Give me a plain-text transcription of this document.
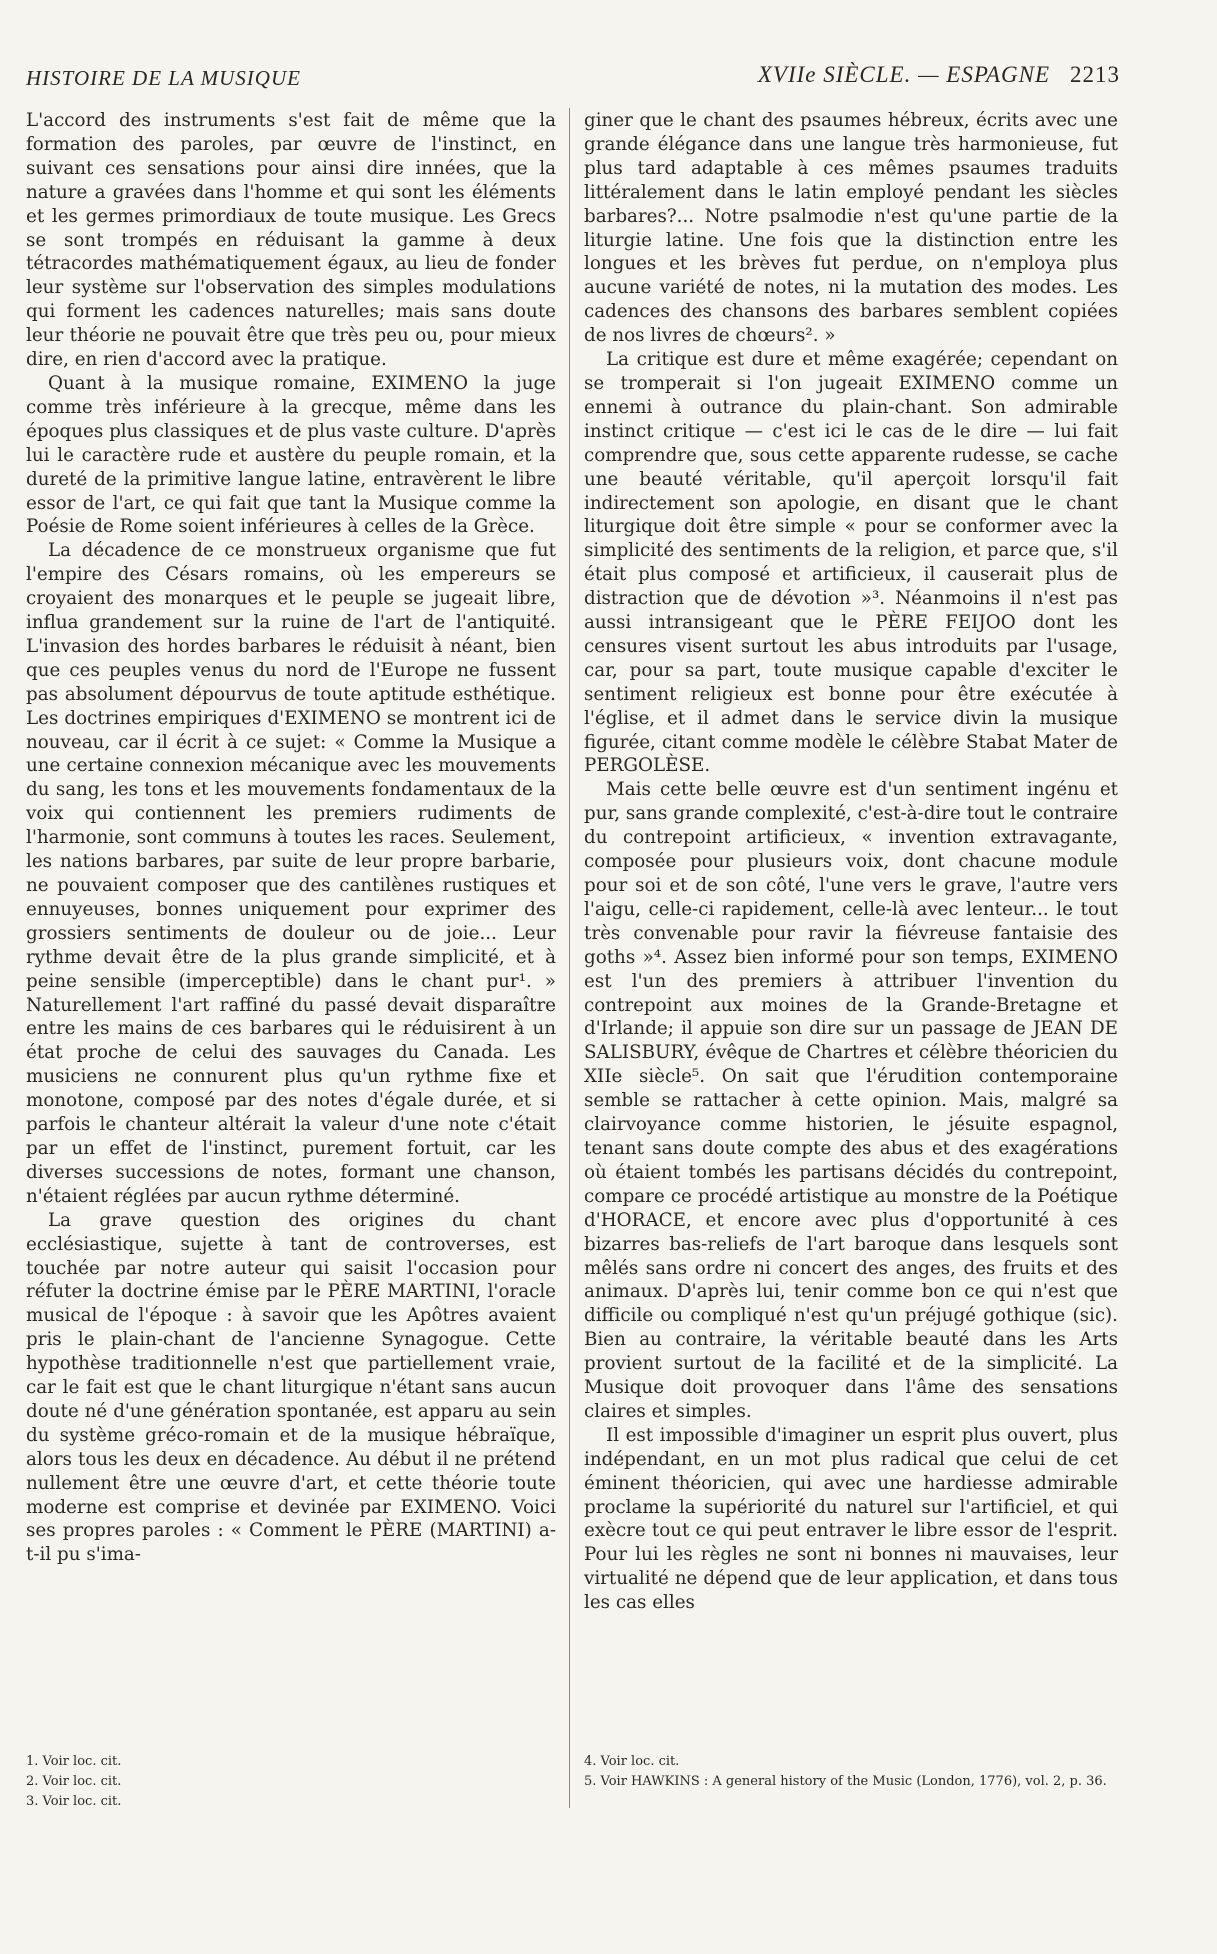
HISTOIRE DE LA MUSIQUE	XVIIe SIÈCLE. — ESPAGNE 2213

L'accord des instruments s'est fait de même que la formation des paroles, par œuvre de l'instinct, en suivant ces sensations pour ainsi dire innées, que la nature a gravées dans l'homme et qui sont les éléments et les germes primordiaux de toute musique. Les Grecs se sont trompés en réduisant la gamme à deux tétracordes mathématiquement égaux, au lieu de fonder leur système sur l'observation des simples modulations qui forment les cadences naturelles; mais sans doute leur théorie ne pouvait être que très peu ou, pour mieux dire, en rien d'accord avec la pratique.

Quant à la musique romaine, EXIMENO la juge comme très inférieure à la grecque, même dans les époques plus classiques et de plus vaste culture. D'après lui le caractère rude et austère du peuple romain, et la dureté de la primitive langue latine, entravèrent le libre essor de l'art, ce qui fait que tant la Musique comme la Poésie de Rome soient inférieures à celles de la Grèce.

La décadence de ce monstrueux organisme que fut l'empire des Césars romains, où les empereurs se croyaient des monarques et le peuple se jugeait libre, influa grandement sur la ruine de l'art de l'antiquité. L'invasion des hordes barbares le réduisit à néant, bien que ces peuples venus du nord de l'Europe ne fussent pas absolument dépourvus de toute aptitude esthétique. Les doctrines empiriques d'EXIMENO se montrent ici de nouveau, car il écrit à ce sujet: « Comme la Musique a une certaine connexion mécanique avec les mouvements du sang, les tons et les mouvements fondamentaux de la voix qui contiennent les premiers rudiments de l'harmonie, sont communs à toutes les races. Seulement, les nations barbares, par suite de leur propre barbarie, ne pouvaient composer que des cantilènes rustiques et ennuyeuses, bonnes uniquement pour exprimer des grossiers sentiments de douleur ou de joie... Leur rythme devait être de la plus grande simplicité, et à peine sensible (imperceptible) dans le chant pur¹. » Naturellement l'art raffiné du passé devait disparaître entre les mains de ces barbares qui le réduisirent à un état proche de celui des sauvages du Canada. Les musiciens ne connurent plus qu'un rythme fixe et monotone, composé par des notes d'égale durée, et si parfois le chanteur altérait la valeur d'une note c'était par un effet de l'instinct, purement fortuit, car les diverses successions de notes, formant une chanson, n'étaient réglées par aucun rythme déterminé.

La grave question des origines du chant ecclésiastique, sujette à tant de controverses, est touchée par notre auteur qui saisit l'occasion pour réfuter la doctrine émise par le PÈRE MARTINI, l'oracle musical de l'époque : à savoir que les Apôtres avaient pris le plain-chant de l'ancienne Synagogue. Cette hypothèse traditionnelle n'est que partiellement vraie, car le fait est que le chant liturgique n'étant sans aucun doute né d'une génération spontanée, est apparu au sein du système gréco-romain et de la musique hébraïque, alors tous les deux en décadence. Au début il ne prétend nullement être une œuvre d'art, et cette théorie toute moderne est comprise et devinée par EXIMENO. Voici ses propres paroles : « Comment le PÈRE (MARTINI) a-t-il pu s'ima-

giner que le chant des psaumes hébreux, écrits avec une grande élégance dans une langue très harmonieuse, fut plus tard adaptable à ces mêmes psaumes traduits littéralement dans le latin employé pendant les siècles barbares?... Notre psalmodie n'est qu'une partie de la liturgie latine. Une fois que la distinction entre les longues et les brèves fut perdue, on n'employa plus aucune variété de notes, ni la mutation des modes. Les cadences des chansons des barbares semblent copiées de nos livres de chœurs². »

La critique est dure et même exagérée; cependant on se tromperait si l'on jugeait EXIMENO comme un ennemi à outrance du plain-chant. Son admirable instinct critique — c'est ici le cas de le dire — lui fait comprendre que, sous cette apparente rudesse, se cache une beauté véritable, qu'il aperçoit lorsqu'il fait indirectement son apologie, en disant que le chant liturgique doit être simple « pour se conformer avec la simplicité des sentiments de la religion, et parce que, s'il était plus composé et artificieux, il causerait plus de distraction que de dévotion »³. Néanmoins il n'est pas aussi intransigeant que le PÈRE FEIJOO dont les censures visent surtout les abus introduits par l'usage, car, pour sa part, toute musique capable d'exciter le sentiment religieux est bonne pour être exécutée à l'église, et il admet dans le service divin la musique figurée, citant comme modèle le célèbre Stabat Mater de PERGOLÈSE.

Mais cette belle œuvre est d'un sentiment ingénu et pur, sans grande complexité, c'est-à-dire tout le contraire du contrepoint artificieux, « invention extravagante, composée pour plusieurs voix, dont chacune module pour soi et de son côté, l'une vers le grave, l'autre vers l'aigu, celle-ci rapidement, celle-là avec lenteur... le tout très convenable pour ravir la fiévreuse fantaisie des goths »⁴. Assez bien informé pour son temps, EXIMENO est l'un des premiers à attribuer l'invention du contrepoint aux moines de la Grande-Bretagne et d'Irlande; il appuie son dire sur un passage de JEAN DE SALISBURY, évêque de Chartres et célèbre théoricien du XIIe siècle⁵. On sait que l'érudition contemporaine semble se rattacher à cette opinion. Mais, malgré sa clairvoyance comme historien, le jésuite espagnol, tenant sans doute compte des abus et des exagérations où étaient tombés les partisans décidés du contrepoint, compare ce procédé artistique au monstre de la Poétique d'HORACE, et encore avec plus d'opportunité à ces bizarres bas-reliefs de l'art baroque dans lesquels sont mêlés sans ordre ni concert des anges, des fruits et des animaux. D'après lui, tenir comme bon ce qui n'est que difficile ou compliqué n'est qu'un préjugé gothique (sic). Bien au contraire, la véritable beauté dans les Arts provient surtout de la facilité et de la simplicité. La Musique doit provoquer dans l'âme des sensations claires et simples.

Il est impossible d'imaginer un esprit plus ouvert, plus indépendant, en un mot plus radical que celui de cet éminent théoricien, qui avec une hardiesse admirable proclame la supériorité du naturel sur l'artificiel, et qui exècre tout ce qui peut entraver le libre essor de l'esprit. Pour lui les règles ne sont ni bonnes ni mauvaises, leur virtualité ne dépend que de leur application, et dans tous les cas elles

1. Voir loc. cit.
2. Voir loc. cit.
3. Voir loc. cit.
4. Voir loc. cit.
5. Voir HAWKINS : A general history of the Music (London, 1776), vol. 2, p. 36.
